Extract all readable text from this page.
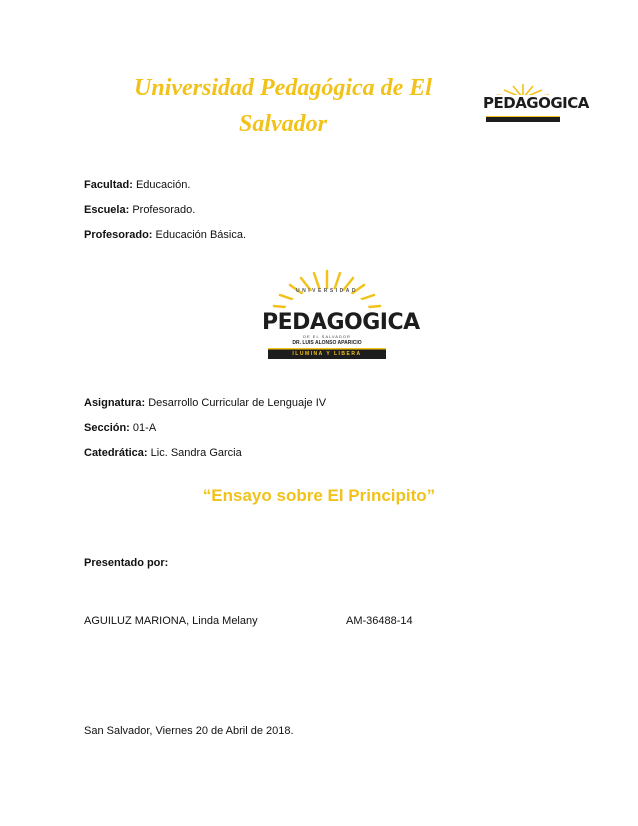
Universidad Pedagógica de El
Salvador
PEDAGOGICA
Facultad: Educación.
Escuela: Profesorado.
Profesorado: Educación Básica.
UNIVERSIDAD
PEDAGOGICA
DE EL SALVADOR
DR. LUIS ALONSO APARICIO
ILUMINA Y LIBERA
Asignatura: Desarrollo Curricular de Lenguaje IV
Sección: 01-A
Catedrática: Lic. Sandra Garcia
“Ensayo sobre El Principito”
Presentado por:
AGUILUZ MARIONA, Linda Melany	AM-36488-14
San Salvador, Viernes 20 de Abril de 2018.
